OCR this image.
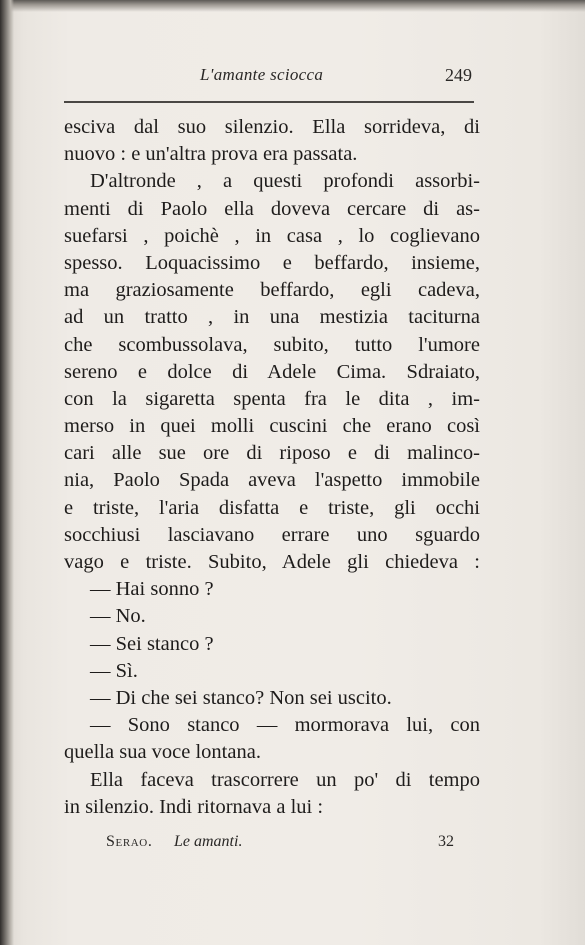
L'amante sciocca	249
esciva dal suo silenzio. Ella sorrideva, di
nuovo : e un'altra prova era passata.
D'altronde , a questi profondi assorbi-
menti di Paolo ella doveva cercare di as-
suefarsi , poichè , in casa , lo coglievano
spesso. Loquacissimo e beffardo, insieme,
ma graziosamente beffardo, egli cadeva,
ad un tratto , in una mestizia taciturna
che scombussolava, subito, tutto l'umore
sereno e dolce di Adele Cima. Sdraiato,
con la sigaretta spenta fra le dita , im-
merso in quei molli cuscini che erano così
cari alle sue ore di riposo e di malinco-
nia, Paolo Spada aveva l'aspetto immobile
e triste, l'aria disfatta e triste, gli occhi
socchiusi lasciavano errare uno sguardo
vago e triste. Subito, Adele gli chiedeva :
— Hai sonno ?
— No.
— Sei stanco ?
— Sì.
— Di che sei stanco? Non sei uscito.
— Sono stanco — mormorava lui, con
quella sua voce lontana.
Ella faceva trascorrere un po' di tempo
in silenzio. Indi ritornava a lui :
Serao. Le amanti.	32
